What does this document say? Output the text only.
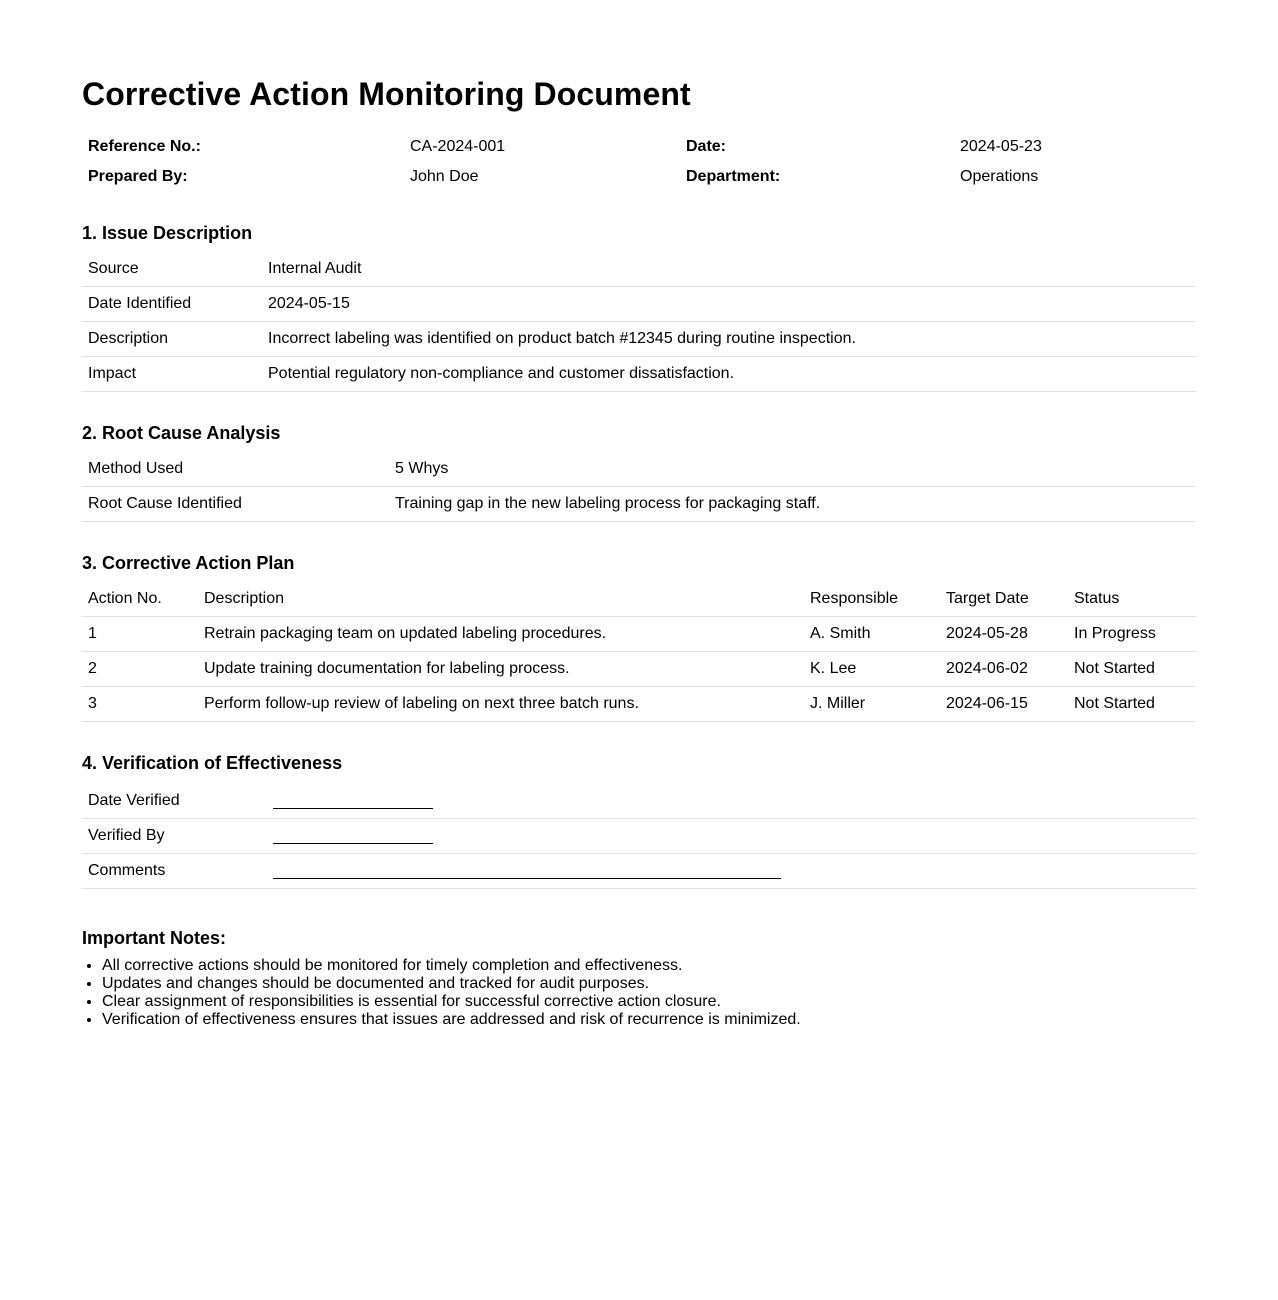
Corrective Action Monitoring Document
Reference No.:	CA-2024-001	Date:	2024-05-23
Prepared By:	John Doe	Department:	Operations
1. Issue Description
Source	Internal Audit
Date Identified	2024-05-15
Description	Incorrect labeling was identified on product batch #12345 during routine inspection.
Impact	Potential regulatory non-compliance and customer dissatisfaction.
2. Root Cause Analysis
Method Used	5 Whys
Root Cause Identified	Training gap in the new labeling process for packaging staff.
3. Corrective Action Plan
Action No.	Description	Responsible	Target Date	Status
1	Retrain packaging team on updated labeling procedures.	A. Smith	2024-05-28	In Progress
2	Update training documentation for labeling process.	K. Lee	2024-06-02	Not Started
3	Perform follow-up review of labeling on next three batch runs.	J. Miller	2024-06-15	Not Started
4. Verification of Effectiveness
Date Verified	
Verified By	
Comments	
Important Notes:
• All corrective actions should be monitored for timely completion and effectiveness.
• Updates and changes should be documented and tracked for audit purposes.
• Clear assignment of responsibilities is essential for successful corrective action closure.
• Verification of effectiveness ensures that issues are addressed and risk of recurrence is minimized.
